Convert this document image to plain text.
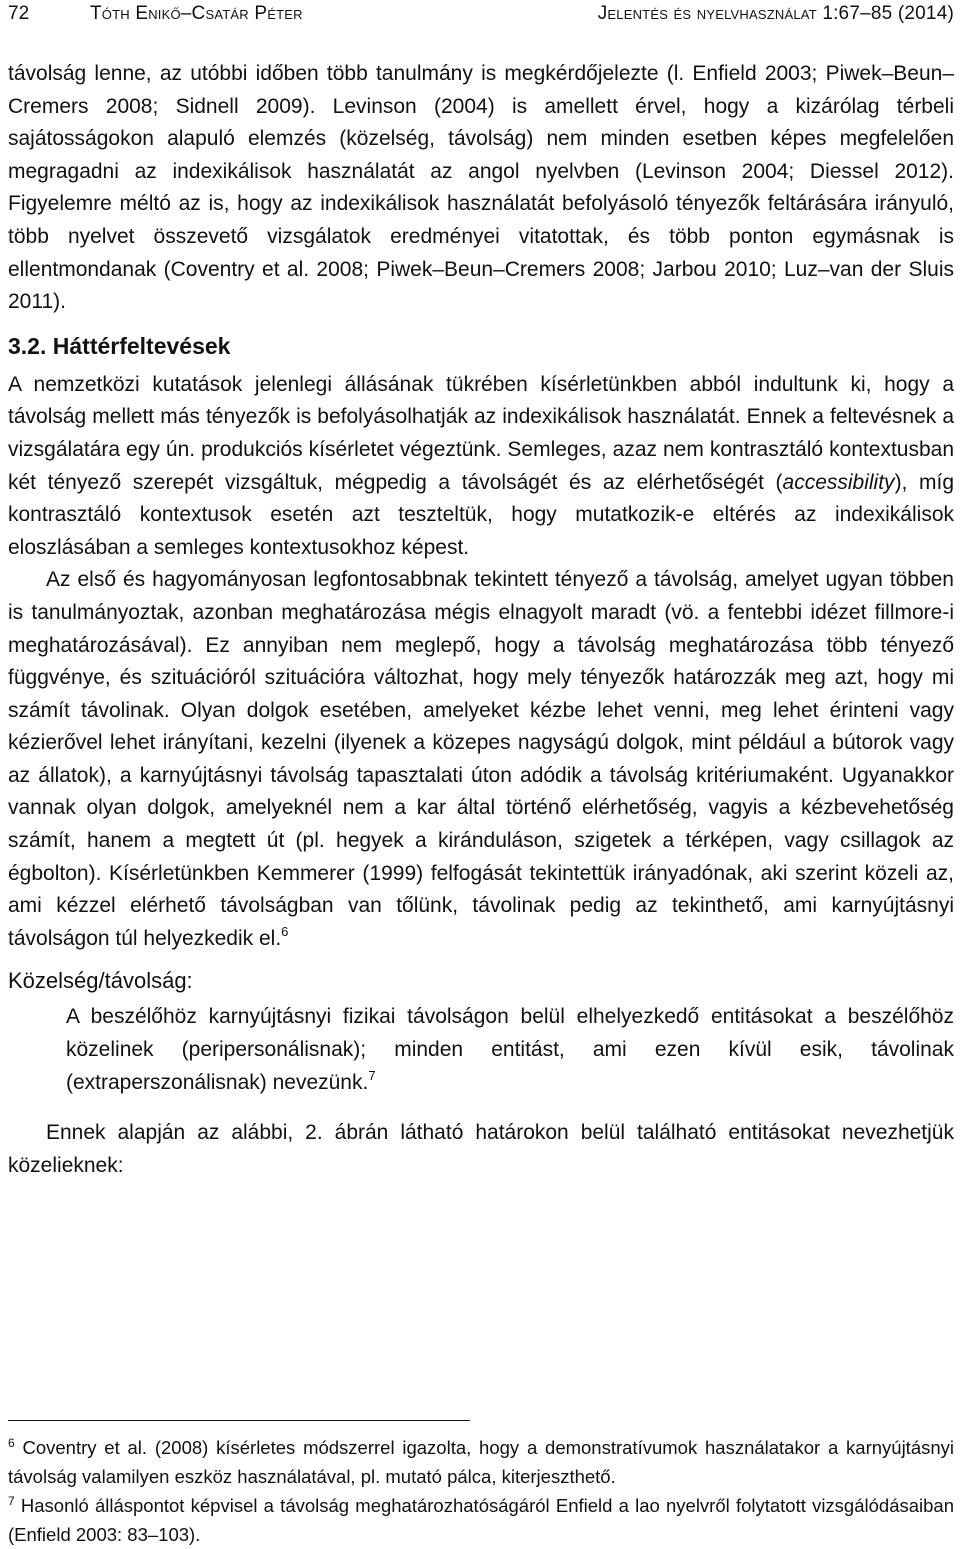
72	Tóth Enikő–Csatár Péter	Jelentés és nyelvhasználat 1:67–85 (2014)

távolság lenne, az utóbbi időben több tanulmány is megkérdőjelezte (l. Enfield 2003; Piwek–Beun–Cremers 2008; Sidnell 2009). Levinson (2004) is amellett érvel, hogy a kizárólag térbeli sajátosságokon alapuló elemzés (közelség, távolság) nem minden esetben képes megfelelően megragadni az indexikálisok használatát az angol nyelvben (Levinson 2004; Diessel 2012). Figyelemre méltó az is, hogy az indexikálisok használatát befolyásoló tényezők feltárására irányuló, több nyelvet összevető vizsgálatok eredményei vitatottak, és több ponton egymásnak is ellentmondanak (Coventry et al. 2008; Piwek–Beun–Cremers 2008; Jarbou 2010; Luz–van der Sluis 2011).

3.2. Háttérfeltevések

A nemzetközi kutatások jelenlegi állásának tükrében kísérletünkben abból indultunk ki, hogy a távolság mellett más tényezők is befolyásolhatják az indexikálisok használatát. Ennek a feltevésnek a vizsgálatára egy ún. produkciós kísérletet végeztünk. Semleges, azaz nem kontrasztáló kontextusban két tényező szerepét vizsgáltuk, mégpedig a távolságét és az elérhetőségét (accessibility), míg kontrasztáló kontextusok esetén azt teszteltük, hogy mutatkozik-e eltérés az indexikálisok eloszlásában a semleges kontextusokhoz képest.

Az első és hagyományosan legfontosabbnak tekintett tényező a távolság, amelyet ugyan többen is tanulmányoztak, azonban meghatározása mégis elnagyolt maradt (vö. a fentebbi idézet fillmore-i meghatározásával). Ez annyiban nem meglepő, hogy a távolság meghatározása több tényező függvénye, és szituációról szituációra változhat, hogy mely tényezők határozzák meg azt, hogy mi számít távolinak. Olyan dolgok esetében, amelyeket kézbe lehet venni, meg lehet érinteni vagy kézierővel lehet irányítani, kezelni (ilyenek a közepes nagyságú dolgok, mint például a bútorok vagy az állatok), a karnyújtásnyi távolság tapasztalati úton adódik a távolság kritériumaként. Ugyanakkor vannak olyan dolgok, amelyeknél nem a kar által történő elérhetőség, vagyis a kézbevehetőség számít, hanem a megtett út (pl. hegyek a kiránduláson, szigetek a térképen, vagy csillagok az égbolton). Kísérletünkben Kemmerer (1999) felfogását tekintettük irányadónak, aki szerint közeli az, ami kézzel elérhető távolságban van tőlünk, távolinak pedig az tekinthető, ami karnyújtásnyi távolságon túl helyezkedik el.$^6$

Közelség/távolság:

A beszélőhöz karnyújtásnyi fizikai távolságon belül elhelyezkedő entitásokat a beszélőhöz közelinek (peripersonálisnak); minden entitást, ami ezen kívül esik, távolinak (extraperszonálisnak) nevezünk.$^7$

Ennek alapján az alábbi, 2. ábrán látható határokon belül található entitásokat nevezhetjük közelieknek:

$^6$ Coventry et al. (2008) kísérletes módszerrel igazolta, hogy a demonstratívumok használatakor a karnyújtásnyi távolság valamilyen eszköz használatával, pl. mutató pálca, kiterjeszthető.

$^7$ Hasonló álláspontot képvisel a távolság meghatározhatóságáról Enfield a lao nyelvről folytatott vizsgálódásaiban (Enfield 2003: 83–103).
